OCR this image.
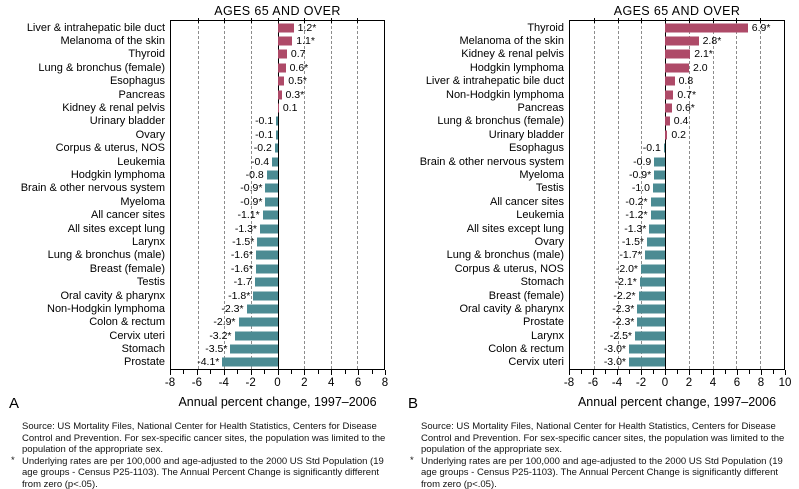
AGES 65 AND OVER
Liver & intrahepatic bile duct	1.2*
Melanoma of the skin	1.1*
Thyroid	0.7
Lung & bronchus (female)	0.6*
Esophagus	0.5*
Pancreas	0.3*
Kidney & renal pelvis	0.1
Urinary bladder	-0.1
Ovary	-0.1
Corpus & uterus, NOS	-0.2
Leukemia	-0.4
Hodgkin lymphoma	-0.8
Brain & other nervous system	-0.9*
Myeloma	-0.9*
All cancer sites	-1.1*
All sites except lung	-1.3*
Larynx	-1.5*
Lung & bronchus (male)	-1.6*
Breast (female)	-1.6*
Testis	-1.7
Oral cavity & pharynx	-1.8*
Non-Hodgkin lymphoma	-2.3*
Colon & rectum	-2.9*
Cervix uteri	-3.2*
Stomach	-3.5*
Prostate	-4.1*
-8 -6 -4 -2 0 2 4 6 8
A	Annual percent change, 1997–2006
Source: US Mortality Files, National Center for Health Statistics, Centers for Disease Control and Prevention. For sex-specific cancer sites, the population was limited to the population of the appropriate sex.
* Underlying rates are per 100,000 and age-adjusted to the 2000 US Std Population (19 age groups - Census P25-1103). The Annual Percent Change is significantly different from zero (p<.05).
AGES 65 AND OVER
Thyroid	6.9*
Melanoma of the skin	2.8*
Kidney & renal pelvis	2.1*
Hodgkin lymphoma	2.0
Liver & intrahepatic bile duct	0.8
Non-Hodgkin lymphoma	0.7*
Pancreas	0.6*
Lung & bronchus (female)	0.4
Urinary bladder	0.2
Esophagus	-0.1
Brain & other nervous system	-0.9
Myeloma	-0.9*
Testis	-1.0
All cancer sites	-0.2*
Leukemia	-1.2*
All sites except lung	-1.3*
Ovary	-1.5*
Lung & bronchus (male)	-1.7*
Corpus & uterus, NOS	-2.0*
Stomach	-2.1*
Breast (female)	-2.2*
Oral cavity & pharynx	-2.3*
Prostate	-2.3*
Larynx	-2.5*
Colon & rectum	-3.0*
Cervix uteri	-3.0*
-8 -6 -4 -2 0 2 4 6 8 10
B	Annual percent change, 1997–2006
Source: US Mortality Files, National Center for Health Statistics, Centers for Disease Control and Prevention. For sex-specific cancer sites, the population was limited to the population of the appropriate sex.
* Underlying rates are per 100,000 and age-adjusted to the 2000 US Std Population (19 age groups - Census P25-1103). The Annual Percent Change is significantly different from zero (p<.05).
